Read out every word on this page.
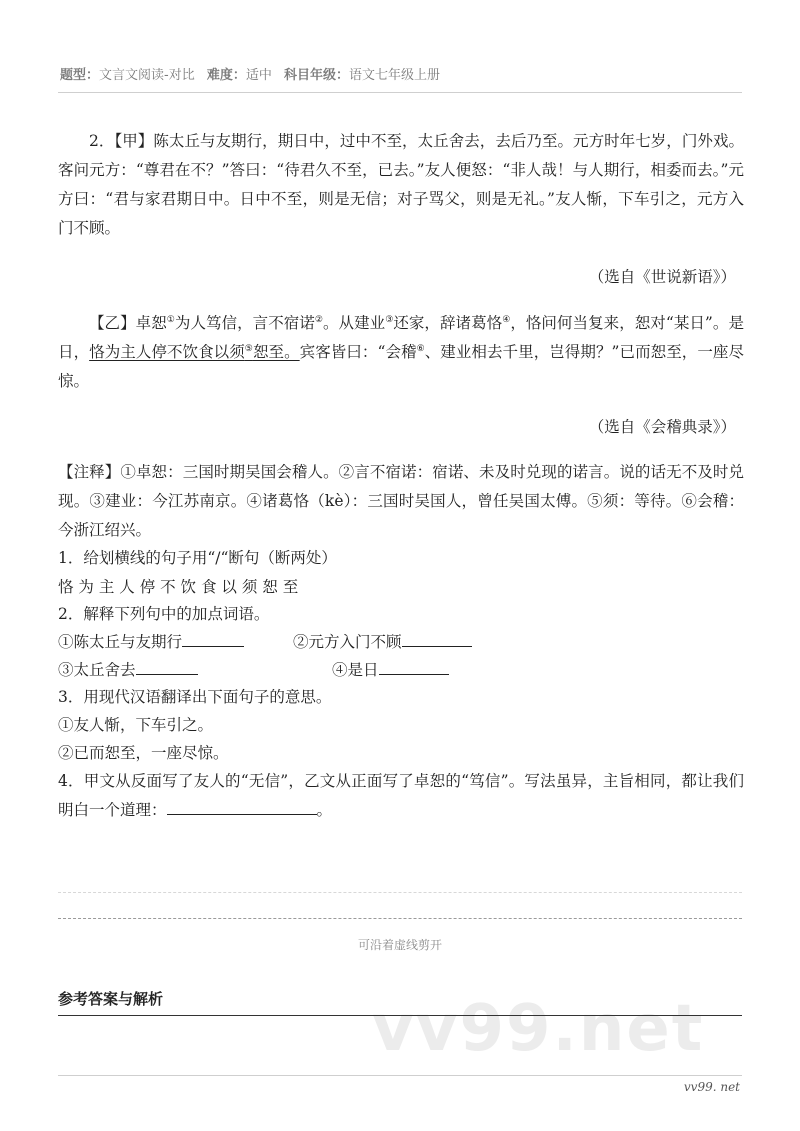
题型：文言文阅读-对比 难度：适中 科目年级：语文七年级上册
2．【甲】陈太丘与友期行，期日中，过中不至，太丘舍去，去后乃至。元方时年七岁，门外戏。客问元方：“尊君在不？”答曰：“待君久不至，已去。”友人便怒：“非人哉！与人期行，相委而去。”元方曰：“君与家君期日中。日中不至，则是无信；对子骂父，则是无礼。”友人惭，下车引之，元方入门不顾。
（选自《世说新语》）
【乙】卓恕①为人笃信，言不宿诺②。从建业③还家，辞诸葛恪④，恪问何当复来，恕对“某日”。是日，恪为主人停不饮食以须⑤恕至。宾客皆曰：“会稽⑥、建业相去千里，岂得期？”已而恕至，一座尽惊。
（选自《会稽典录》）
【注释】①卓恕：三国时期吴国会稽人。②言不宿诺：宿诺、未及时兑现的诺言。说的话无不及时兑现。③建业：今江苏南京。④诸葛恪（kè）：三国时吴国人，曾任吴国太傅。⑤须：等待。⑥会稽：今浙江绍兴。
1．给划横线的句子用“/“断句（断两处）
恪 为 主 人 停 不 饮 食 以 须 恕 至
2．解释下列句中的加点词语。
①陈太丘与友期行	②元方入门不顾
③太丘舍去	④是日
3．用现代汉语翻译出下面句子的意思。
①友人惭，下车引之。
②已而恕至，一座尽惊。
4．甲文从反面写了友人的“无信”，乙文从正面写了卓恕的“笃信”。写法虽异，主旨相同，都让我们明白一个道理：	。
可沿着虚线剪开
vv99.net
参考答案与解析
vv99. net
